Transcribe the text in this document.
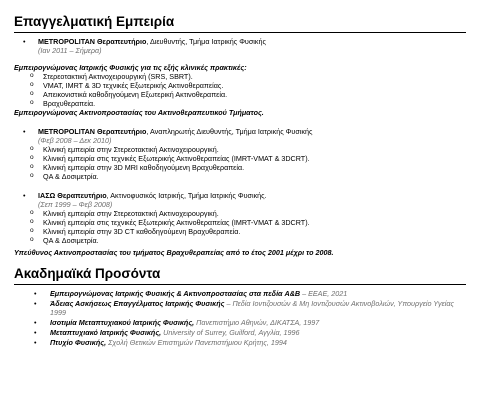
Επαγγελματική Εμπειρία
•	METROPOLITAN Θεραπευτήριο, Διευθυντής, Τμήμα Ιατρικής Φυσικής
(Ιαν 2011 – Σήμερα)
Εμπειρογνώμονας Ιατρικής Φυσικής για τις εξής κλινικές πρακτικές:
o	Στερεοτακτική Ακτινοχειρουργική (SRS, SBRT).
o	VMAT, IMRT & 3D τεχνικές Εξωτερικής Ακτινοθεραπείας.
o	Απεικονιστικά καθοδηγούμενη Εξωτερική Ακτινοθεραπεία.
o	Βραχυθεραπεία.
Εμπειρογνώμονας Ακτινοπροστασίας του Ακτινοθεραπευτικού Τμήματος.
•	METROPOLITAN Θεραπευτήριο, Αναπληρωτής Διευθυντής, Τμήμα Ιατρικής Φυσικής
(Φεβ 2008 – Δεκ 2010)
o	Κλινική εμπειρία στην Στερεοτακτική Ακτινοχειρουργική.
o	Κλινική εμπειρία στις τεχνικές Εξωτερικής Ακτινοθεραπείας (IMRT-VMAT & 3DCRT).
o	Κλινική εμπειρία στην 3D MRI καθοδηγούμενη Βραχυθεραπεία.
o	QA & Δοσιμετρία.
•	ΙΑΣΩ Θεραπευτήριο, Ακτινοφυσικός Ιατρικής, Τμήμα Ιατρικής Φυσικής.
(Σεπ 1999 – Φεβ 2008)
o	Κλινική εμπειρία στην Στερεοτακτική Ακτινοχειρουργική.
o	Κλινική εμπειρία στις τεχνικές Εξωτερικής Ακτινοθεραπείας (IMRT-VMAT & 3DCRT).
o	Κλινική εμπειρία στην 3D CT καθοδηγούμενη Βραχυθεραπεία.
o	QA & Δοσιμετρία.
Υπεύθυνος Ακτινοπροστασίας του τμήματος Βραχυθεραπείας από το έτος 2001 μέχρι το 2008.
Ακαδημαϊκά Προσόντα
•	Εμπειρογνώμονας Ιατρικής Φυσικής & Ακτινοπροστασίας στα πεδία A&B – ΕΕΑΕ, 2021
•	Άδειας Ασκήσεως Επαγγέλματος Ιατρικής Φυσικής – Πεδία Ιοντιζουσών & Μη Ιοντιζουσών Ακτινοβολιών, Υπουργείο Υγείας 1999
•	Ισοτιμία Μεταπτυχιακού Ιατρικής Φυσικής, Πανεπιστήμιο Αθηνών, ΔΙΚΑΤΣΑ, 1997
•	Μεταπτυχιακό Ιατρικής Φυσικής, University of Surrey, Guilford, Αγγλία, 1996
•	Πτυχίο Φυσικής, Σχολή Θετικών Επιστημών Πανεπιστήμιου Κρήτης, 1994
